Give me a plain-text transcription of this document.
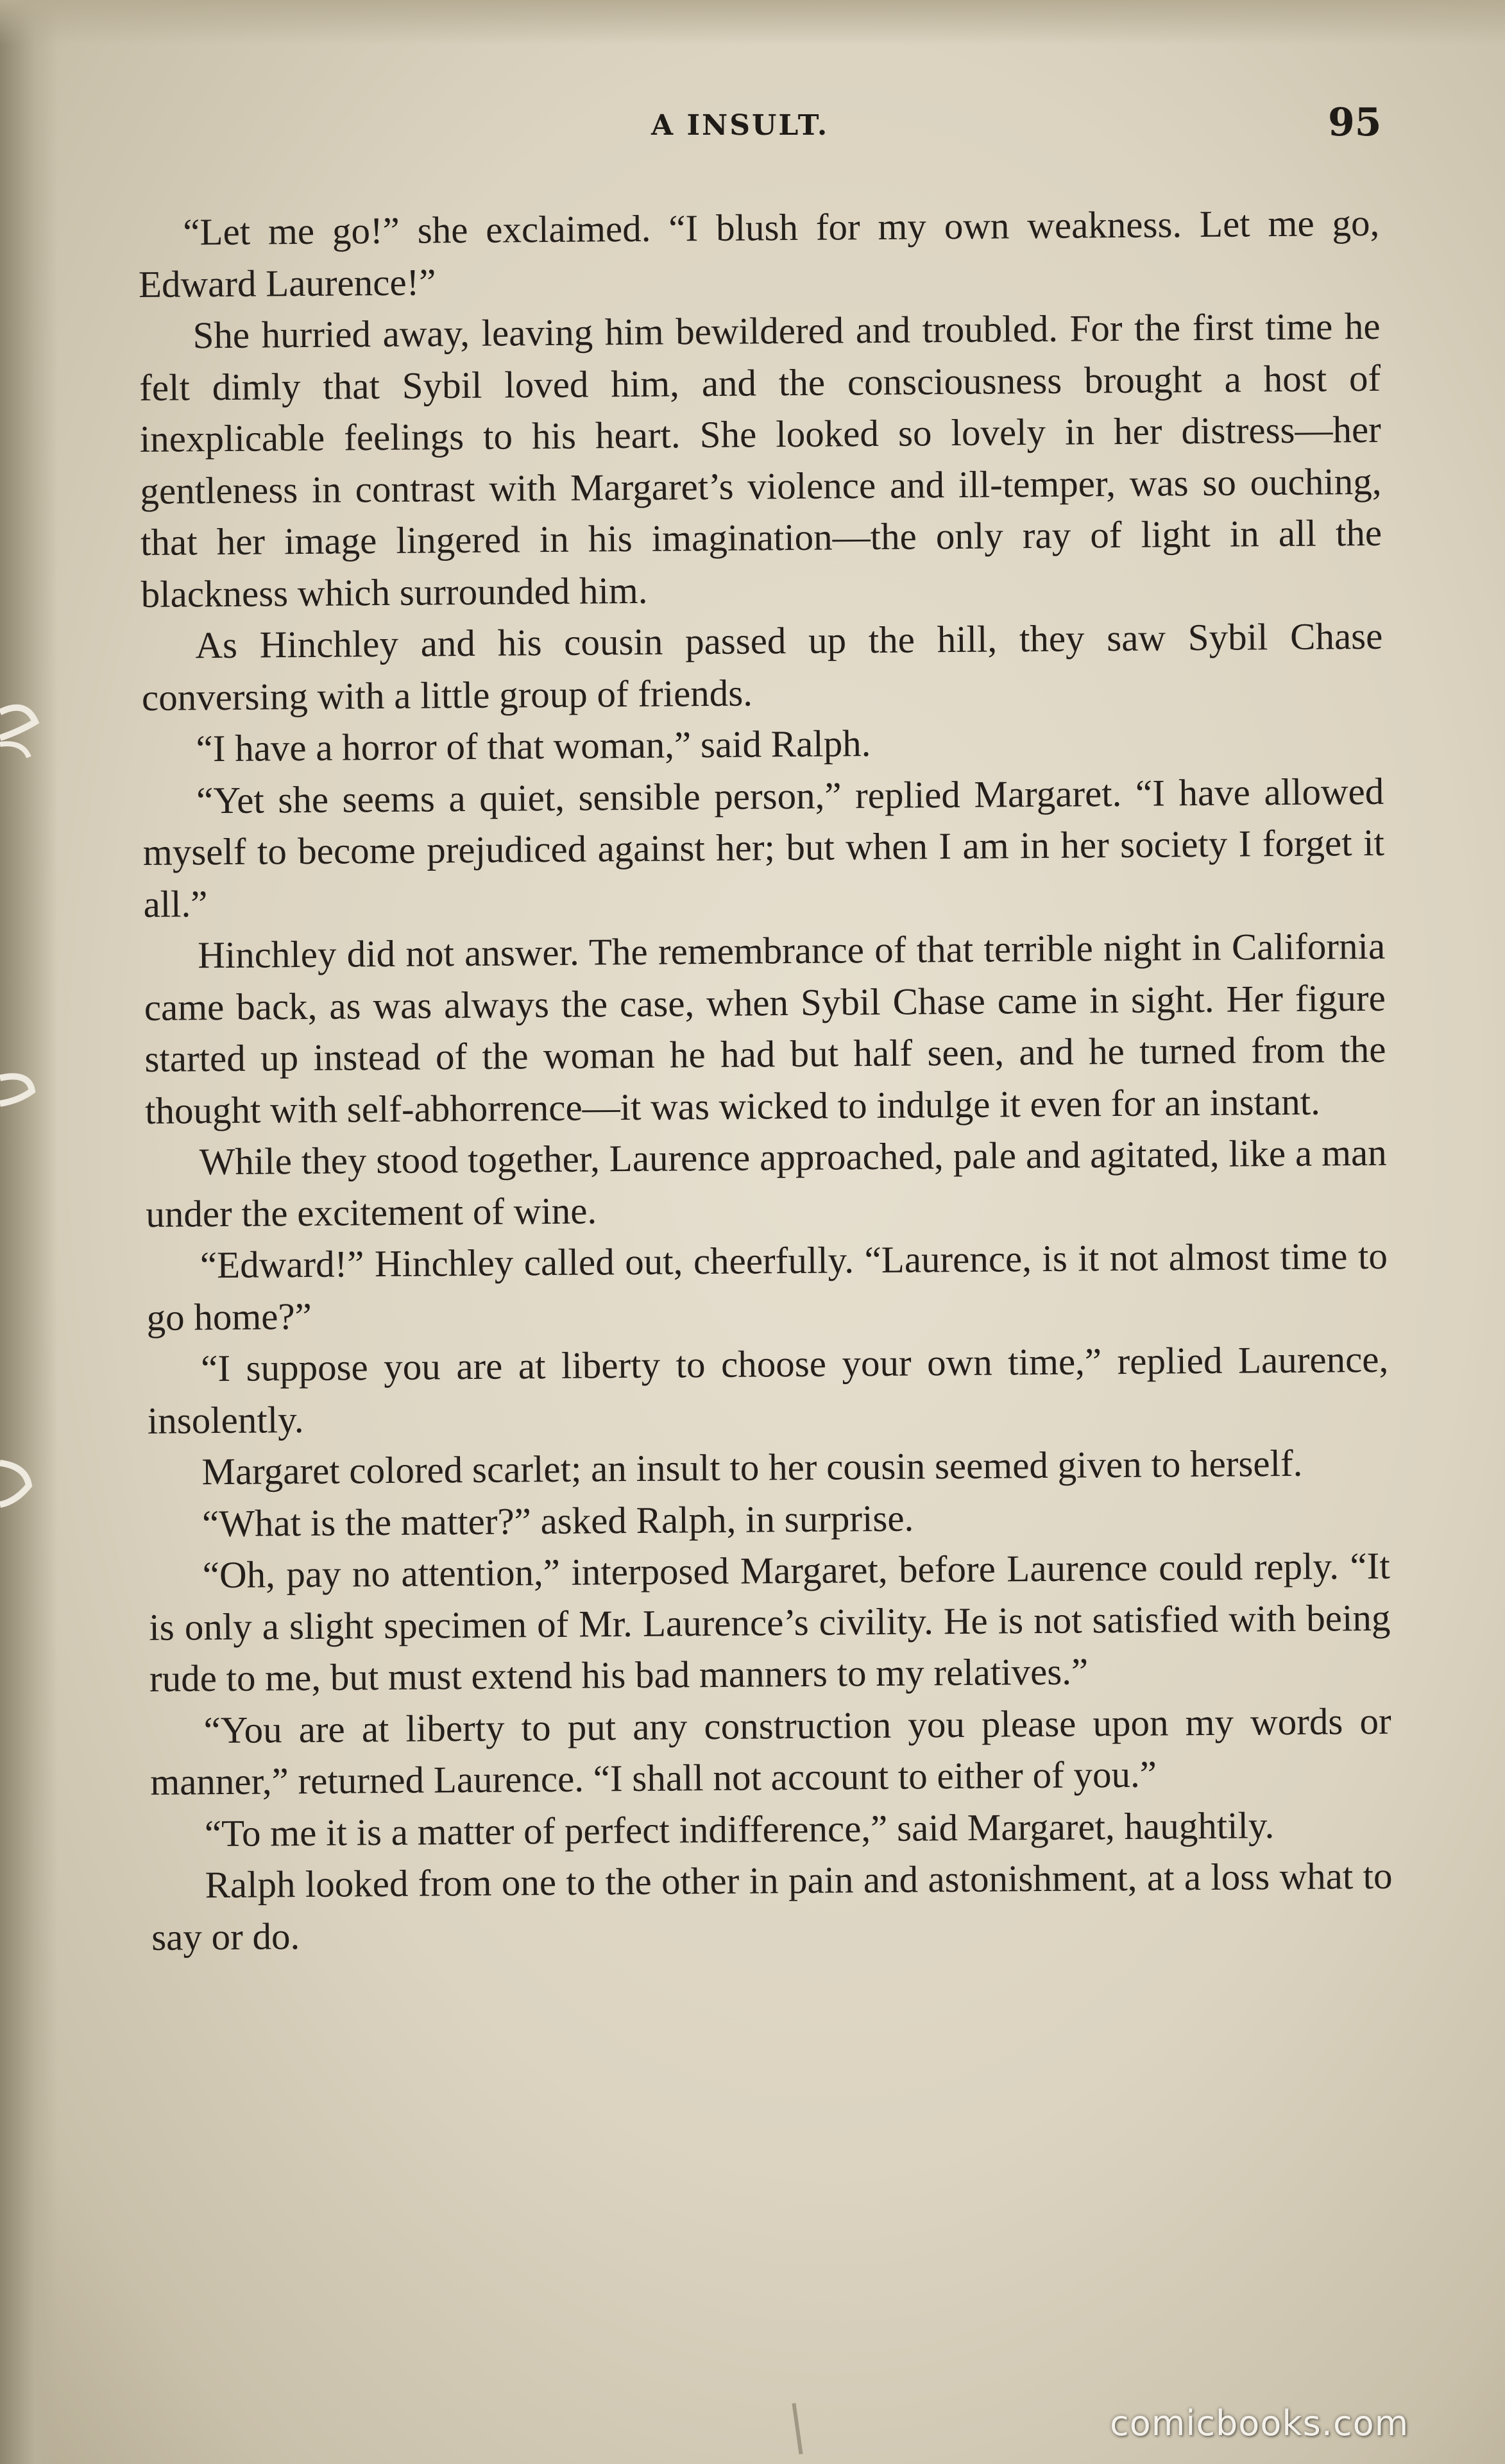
A INSULT.	95

“Let me go!” she exclaimed. “I blush for my own weakness. Let me go, Edward Laurence!”

She hurried away, leaving him bewildered and troubled. For the first time he felt dimly that Sybil loved him, and the consciousness brought a host of inexplicable feelings to his heart. She looked so lovely in her distress—her gentleness in contrast with Margaret’s violence and ill-temper, was so ouching, that her image lingered in his imagination—the only ray of light in all the blackness which surrounded him.

As Hinchley and his cousin passed up the hill, they saw Sybil Chase conversing with a little group of friends.

“I have a horror of that woman,” said Ralph.

“Yet she seems a quiet, sensible person,” replied Margaret. “I have allowed myself to become prejudiced against her; but when I am in her society I forget it all.”

Hinchley did not answer. The remembrance of that terrible night in California came back, as was always the case, when Sybil Chase came in sight. Her figure started up instead of the woman he had but half seen, and he turned from the thought with self-abhorrence—it was wicked to indulge it even for an instant.

While they stood together, Laurence approached, pale and agitated, like a man under the excitement of wine.

“Edward!” Hinchley called out, cheerfully. “Laurence, is it not almost time to go home?”

“I suppose you are at liberty to choose your own time,” replied Laurence, insolently.

Margaret colored scarlet; an insult to her cousin seemed given to herself.

“What is the matter?” asked Ralph, in surprise.

“Oh, pay no attention,” interposed Margaret, before Laurence could reply. “It is only a slight specimen of Mr. Laurence’s civility. He is not satisfied with being rude to me, but must extend his bad manners to my relatives.”

“You are at liberty to put any construction you please upon my words or manner,” returned Laurence. “I shall not account to either of you.”

“To me it is a matter of perfect indifference,” said Margaret, haughtily.

Ralph looked from one to the other in pain and astonishment, at a loss what to say or do.

comicbooks.com
